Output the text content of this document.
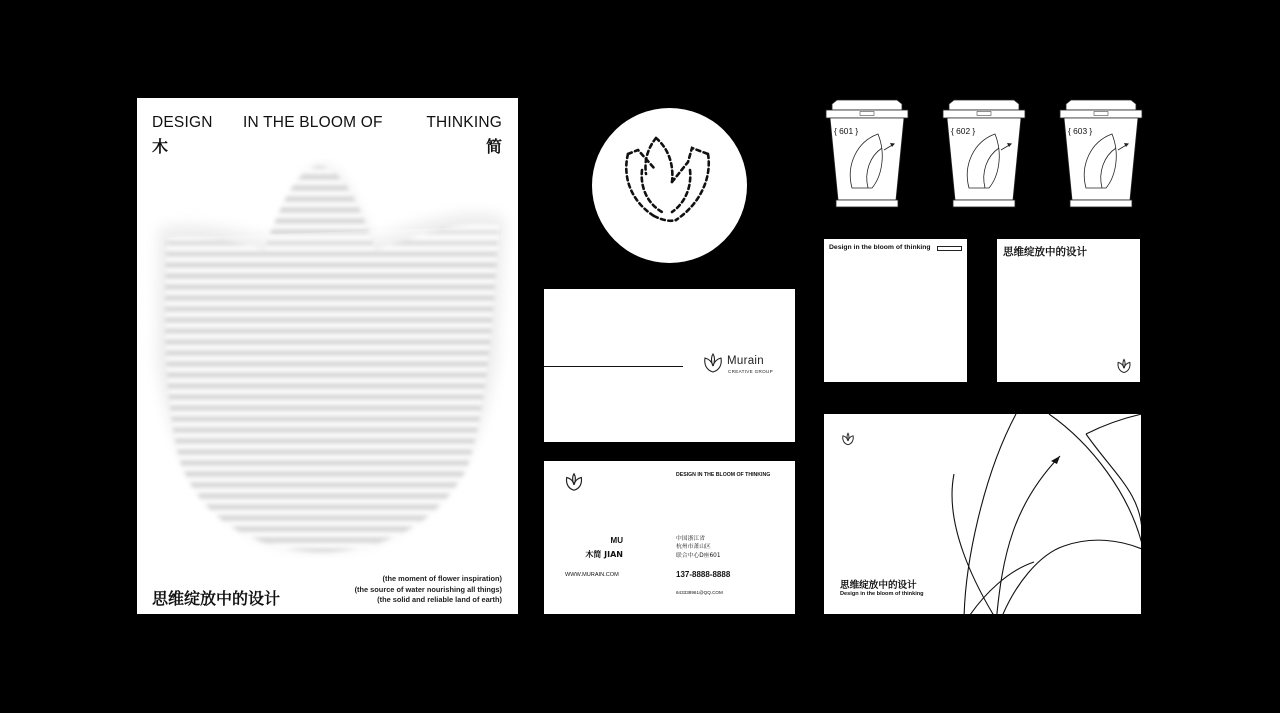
DESIGN IN THE BLOOM OF	THINKING
木	简
思维绽放中的设计
(the moment of flower inspiration)
(the source of water nourishing all things)
(the solid and reliable land of earth)
{ 601 }	{ 602 }	{ 603 }
Murain
CREATIVE GROUP
DESIGN IN THE BLOOM OF THINKING
MU
木简 JIAN
WWW.MURAIN.COM
中国浙江省
杭州市萧山区
联合中心D座601
137-8888-8888
643338961@QQ.COM
Design in the bloom of thinking	思维绽放中的设计
思维绽放中的设计
Design in the bloom of thinking
